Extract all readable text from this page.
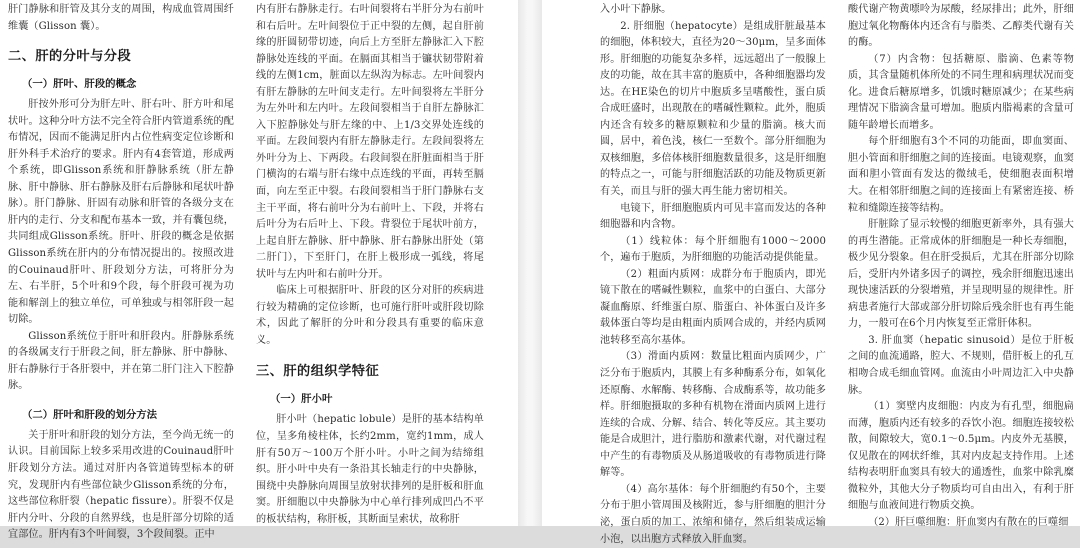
肝门静脉和肝管及其分支的周围，构成血管周围纤维囊（Glisson 囊）。

二、肝的分叶与分段
（一）肝叶、肝段的概念

肝按外形可分为肝左叶、肝右叶、肝方叶和尾状叶。这种分叶方法不完全符合肝内管道系统的配布情况，因而不能满足肝内占位性病变定位诊断和肝外科手术治疗的要求。肝内有4套管道，形成两个系统，即Glisson系统和肝静脉系统（肝左静脉、肝中静脉、肝右静脉及肝右后静脉和尾状叶静脉）。肝门静脉、肝固有动脉和肝管的各级分支在肝内的走行、分支和配布基本一致，并有囊包绕，共同组成Glisson系统。肝叶、肝段的概念是依据Glisson系统在肝内的分布情况提出的。按照改进的Couinaud肝叶、肝段划分方法，可将肝分为左、右半肝，5个叶和9个段，每个肝段可视为功能和解剖上的独立单位，可单独或与相邻肝段一起切除。

Glisson系统位于肝叶和肝段内。肝静脉系统的各级属支行于肝段之间，肝左静脉、肝中静脉、肝右静脉行于各肝裂中，并在第二肝门注入下腔静脉。

（二）肝叶和肝段的划分方法

关于肝叶和肝段的划分方法，至今尚无统一的认识。目前国际上较多采用改进的Couinaud肝叶肝段划分方法。通过对肝内各管道铸型标本的研究，发现肝内有些部位缺少Glisson系统的分布，这些部位称肝裂（hepatic fissure）。肝裂不仅是肝内分叶、分段的自然界线，也是肝部分切除的适宜部位。肝内有3个叶间裂，3个段间裂。正中

内有肝右静脉走行。右叶间裂将右半肝分为右前叶和右后叶。左叶间裂位于正中裂的左侧，起自肝前缘的肝圆韧带切迹，向后上方至肝左静脉汇入下腔静脉处连线的平面。在膈面其相当于镰状韧带附着线的左侧1cm，脏面以左纵沟为标志。左叶间裂内有肝左静脉的左叶间支走行。左叶间裂将左半肝分为左外叶和左内叶。左段间裂相当于自肝左静脉汇入下腔静脉处与肝左缘的中、上1/3交界处连线的平面。左段间裂内有肝左静脉走行。左段间裂将左外叶分为上、下两段。右段间裂在肝脏面相当于肝门横沟的右端与肝右缘中点连线的平面，再转至膈面，向左至正中裂。右段间裂相当于肝门静脉右支主干平面，将右前叶分为右前叶上、下段，并将右后叶分为右后叶上、下段。背裂位于尾状叶前方，上起自肝左静脉、肝中静脉、肝右静脉出肝处（第二肝门），下至肝门，在肝上极形成一弧线，将尾状叶与左内叶和右前叶分开。

临床上可根据肝叶、肝段的区分对肝的疾病进行较为精确的定位诊断，也可施行肝叶或肝段切除术，因此了解肝的分叶和分段具有重要的临床意义。

三、肝的组织学特征
（一）肝小叶

肝小叶（hepatic lobule）是肝的基本结构单位，呈多角棱柱体，长约2mm，宽约1mm，成人肝有50万～100万个肝小叶。小叶之间为结缔组织。肝小叶中央有一条沿其长轴走行的中央静脉，围绕中央静脉向周围呈放射状排列的是肝板和肝血窦。肝细胞以中央静脉为中心单行排列成凹凸不平的板状结构，称肝板，其断面呈索状，故称肝

入小叶下静脉。

2. 肝细胞（hepatocyte）是组成肝脏最基本的细胞，体积较大，直径为20～30μm，呈多面体形。肝细胞的功能复杂多样，远远超出了一般腺上皮的功能，故在其丰富的胞质中，各种细胞器均发达。在HE染色的切片中胞质多呈嗜酸性，蛋白质合成旺盛时，出现散在的嗜碱性颗粒。此外，胞质内还含有较多的糖原颗粒和少量的脂滴。核大而圆，居中，着色浅，核仁一至数个。部分肝细胞为双核细胞，多倍体核肝细胞数量很多，这是肝细胞的特点之一，可能与肝细胞活跃的功能及物质更新有关，而且与肝的强大再生能力密切相关。

电镜下，肝细胞胞质内可见丰富而发达的各种细胞器和内含物。

（1）线粒体：每个肝细胞有1000～2000个，遍布于胞质，为肝细胞的功能活动提供能量。

（2）粗面内质网：成群分布于胞质内，即光镜下散在的嗜碱性颗粒，血浆中的白蛋白、大部分凝血酶原、纤维蛋白原、脂蛋白、补体蛋白及许多载体蛋白等均是由粗面内质网合成的，并经内质网池转移至高尔基体。

（3）滑面内质网：数量比粗面内质网少，广泛分布于胞质内，其膜上有多种酶系分布，如氧化还原酶、水解酶、转移酶、合成酶系等，故功能多样。肝细胞摄取的多种有机物在滑面内质网上进行连续的合成、分解、结合、转化等反应。其主要功能是合成胆汁，进行脂肪和激素代谢，对代谢过程中产生的有毒物质及从肠道吸收的有毒物质进行降解等。

（4）高尔基体：每个肝细胞约有50个，主要分布于胆小管周围及核附近，参与肝细胞的胆汁分泌，蛋白质的加工、浓缩和储存，然后组装成运输小泡，以出胞方式释放入肝血窦。

酸代谢产物黄嘌呤为尿酸，经尿排出；此外，肝细胞过氧化物酶体内还含有与脂类、乙醇类代谢有关的酶。

（7）内含物：包括糖原、脂滴、色素等物质，其含量随机体所处的不同生理和病理状况而变化。进食后糖原增多，饥饿时糖原减少；在某些病理情况下脂滴含量可增加。胞质内脂褐素的含量可随年龄增长而增多。

每个肝细胞有3个不同的功能面，即血窦面、胆小管面和肝细胞之间的连接面。电镜观察，血窦面和胆小管面有发达的微绒毛，使细胞表面积增大。在相邻肝细胞之间的连接面上有紧密连接、桥粒和缝隙连接等结构。

肝脏除了显示较慢的细胞更新率外，具有强大的再生潜能。正常成体的肝细胞是一种长寿细胞，极少见分裂象。但在肝受损后，尤其在肝部分切除后，受肝内外诸多因子的调控，残余肝细胞迅速出现快速活跃的分裂增殖，并呈现明显的规律性。肝病患者施行大部或部分肝切除后残余肝也有再生能力，一般可在6个月内恢复至正常肝体积。

3. 肝血窦（hepatic sinusoid）是位于肝板之间的血流通路，腔大、不规则，借肝板上的孔互相吻合成毛细血管网。血流由小叶周边汇入中央静脉。

（1）窦壁内皮细胞：内皮为有孔型，细胞扁而薄，胞质内还有较多的吞饮小泡。细胞连接较松散，间隙较大，宽0.1～0.5μm。内皮外无基膜，仅见散在的网状纤维，其对内皮起支持作用。上述结构表明肝血窦具有较大的通透性，血浆中除乳糜微粒外，其他大分子物质均可自由出入，有利于肝细胞与血液间进行物质交换。

（2）肝巨噬细胞：肝血窦内有散在的巨噬细
